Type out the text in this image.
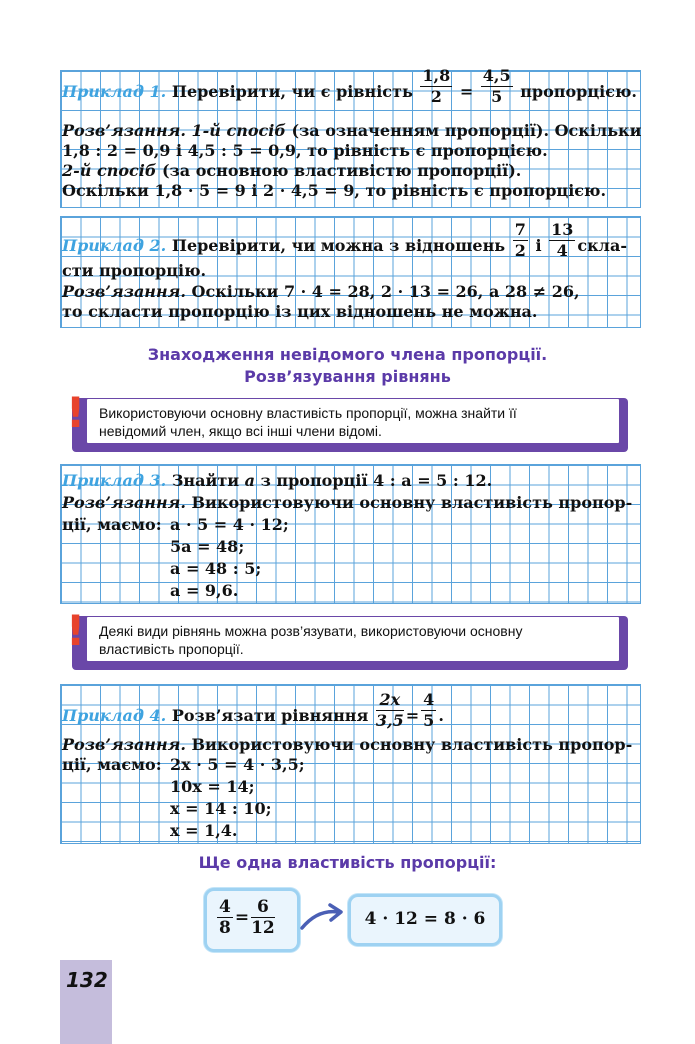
Приклад 1. Перевірити, чи є рівність $\frac{1,8}{2} = \frac{4,5}{5}$ пропорцією.
Розв’язання. 1-й спосіб (за означенням пропорції). Оскільки
1,8 : 2 = 0,9 і 4,5 : 5 = 0,9, то рівність є пропорцією.
2-й спосіб (за основною властивістю пропорції).
Оскільки 1,8 · 5 = 9 і 2 · 4,5 = 9, то рівність є пропорцією.
Приклад 2. Перевірити, чи можна з відношень $\frac{7}{2}$ і $\frac{13}{4}$ скла-
сти пропорцію.
Розв’язання. Оскільки 7 · 4 = 28, 2 · 13 = 26, а 28 ≠ 26,
то скласти пропорцію із цих відношень не можна.
Знаходження невідомого члена пропорції.
Розв’язування рівнянь
Використовуючи основну властивість пропорції, можна знайти її
невідомий член, якщо всі інші члени відомі.
!
Приклад 3. Знайти a з пропорції 4 : a = 5 : 12.
Розв’язання. Використовуючи основну властивість пропор-
ції, маємо: a · 5 = 4 · 12;
5a = 48;
a = 48 : 5;
a = 9,6.
Деякі види рівнянь можна розв’язувати, використовуючи основну
властивість пропорції.
!
Приклад 4. Розв’язати рівняння $\frac{2x}{3,5} = \frac{4}{5}$ .
Розв’язання. Використовуючи основну властивість пропор-
ції, маємо: 2x · 5 = 4 · 3,5;
10x = 14;
x = 14 : 10;
x = 1,4.
Ще одна властивість пропорції:
$\frac{4}{8} = \frac{6}{12}$	4 · 12 = 8 · 6
132
